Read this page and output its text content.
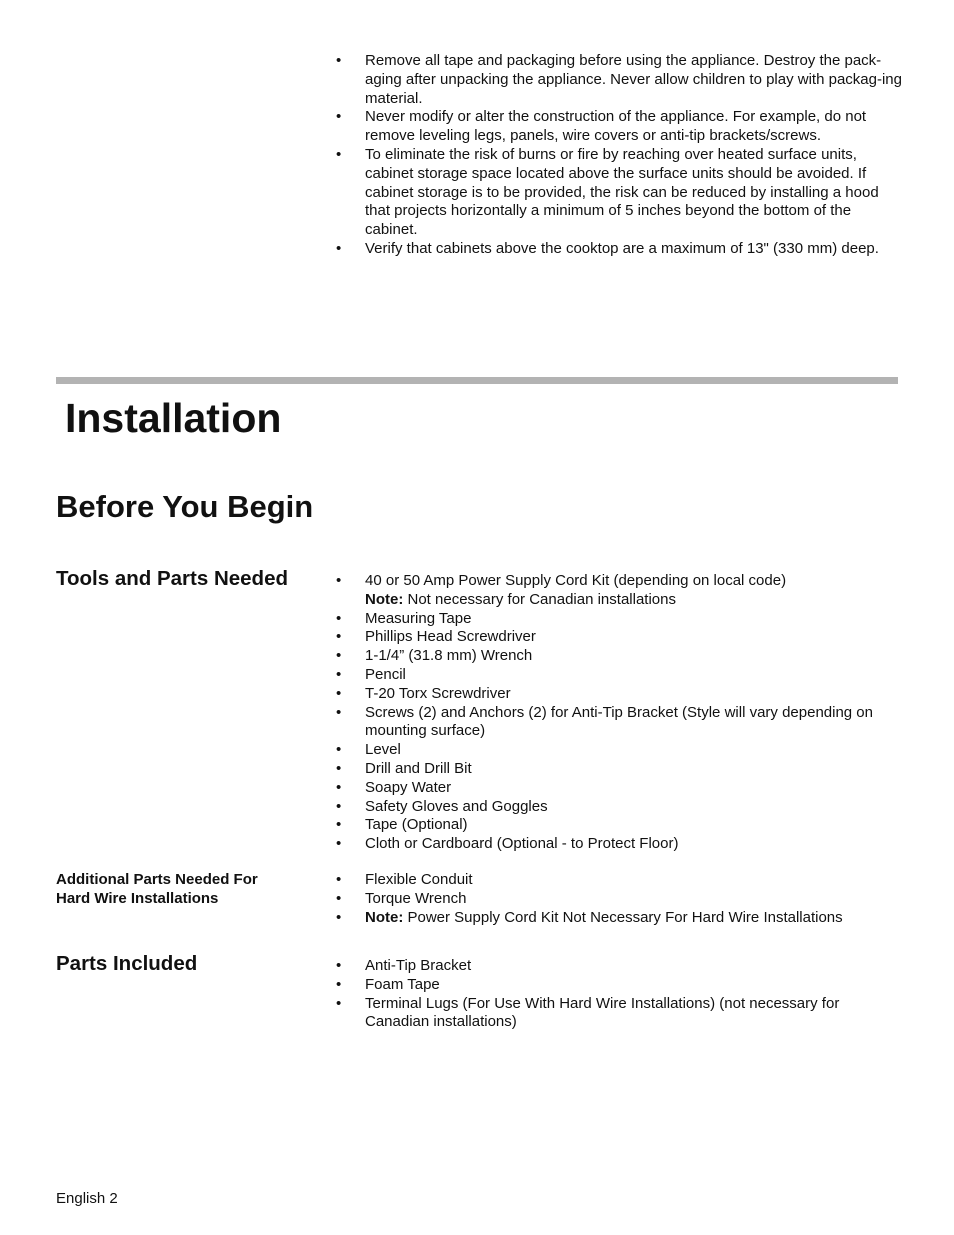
• Remove all tape and packaging before using the appliance. Destroy the pack-aging after unpacking the appliance. Never allow children to play with packag-ing material.
• Never modify or alter the construction of the appliance. For example, do not remove leveling legs, panels, wire covers or anti-tip brackets/screws.
• To eliminate the risk of burns or fire by reaching over heated surface units, cabinet storage space located above the surface units should be avoided. If cabinet storage is to be provided, the risk can be reduced by installing a hood that projects horizontally a minimum of 5 inches beyond the bottom of the cabinet.
• Verify that cabinets above the cooktop are a maximum of 13" (330 mm) deep.
Installation
Before You Begin
Tools and Parts Needed	• 40 or 50 Amp Power Supply Cord Kit (depending on local code)
Note: Not necessary for Canadian installations
• Measuring Tape
• Phillips Head Screwdriver
• 1-1/4” (31.8 mm) Wrench
• Pencil
• T-20 Torx Screwdriver
• Screws (2) and Anchors (2) for Anti-Tip Bracket (Style will vary depending on mounting surface)
• Level
• Drill and Drill Bit
• Soapy Water
• Safety Gloves and Goggles
• Tape (Optional)
• Cloth or Cardboard (Optional - to Protect Floor)
Additional Parts Needed For
Hard Wire Installations
• Flexible Conduit
• Torque Wrench
• Note: Power Supply Cord Kit Not Necessary For Hard Wire Installations
Parts Included	• Anti-Tip Bracket
• Foam Tape
• Terminal Lugs (For Use With Hard Wire Installations) (not necessary for Canadian installations)
English 2
